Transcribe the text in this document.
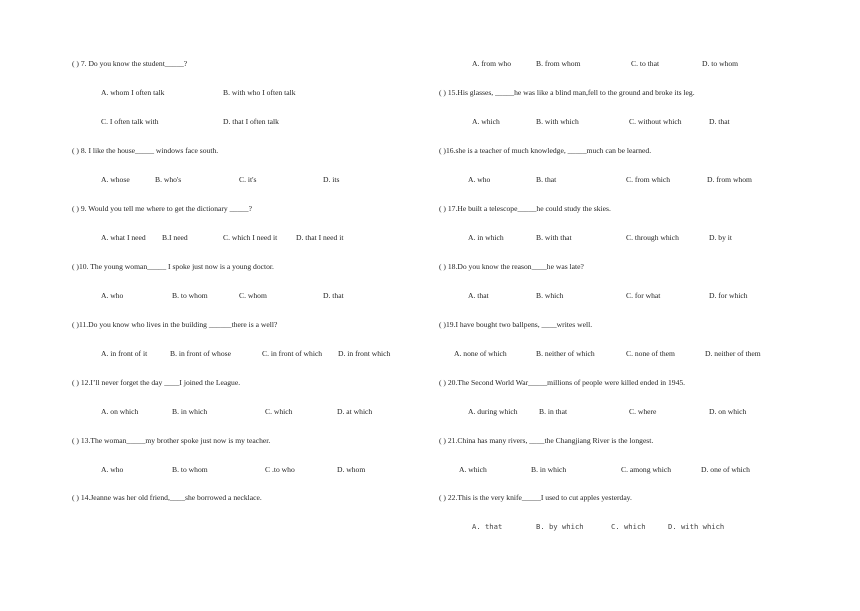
( ) 7. Do you know the student_____?
A. whom I often talk	B. with who I often talk
C. I often talk with	D. that I often talk
( ) 8. I like the house_____ windows face south.
A. whose	B. who's	C. it's	D. its
( ) 9. Would you tell me where to get the dictionary _____?
A. what I need B.I need	C. which I need it D. that I need it
( )10. The young woman_____ I spoke just now is a young doctor.
A. who	B. to whom	C. whom	D. that
( )11.Do you know who lives in the building ______there is a well?
A. in front of it	B. in front of whose	C. in front of which D. in front which
( ) 12.I’ll never forget the day ____I joined the League.
A. on which	B. in which	C. which	D. at which
( ) 13.The woman_____my brother spoke just now is my teacher.
A. who	B. to whom	C .to who	D. whom
( ) 14.Jeanne was her old friend,____she borrowed a necklace.
A. from who	B. from whom	C. to that	D. to whom
( ) 15.His glasses, _____he was like a blind man,fell to the ground and broke its leg.
A. which	B. with which	C. without which	D. that
( )16.she is a teacher of much knowledge, _____much can be learned.
A. who	B. that	C. from which	D. from whom
( ) 17.He built a telescope_____he could study the skies.
A. in which	B. with that	C. through which	D. by it
( ) 18.Do you know the reason____he was late?
A. that	B. which	C. for what	D. for which
( )19.I have bought two ballpens, ____writes well.
A. none of which	B. neither of which	C. none of them	D. neither of them
( ) 20.The Second World War_____millions of people were killed ended in 1945.
A. during which	B. in that	C. where	D. on which
( ) 21.China has many rivers, ____the Changjiang River is the longest.
A. which	B. in which	C. among which	D. one of which
( ) 22.This is the very knife_____I used to cut apples yesterday.
A. that	B. by which	C. which	D. with which
